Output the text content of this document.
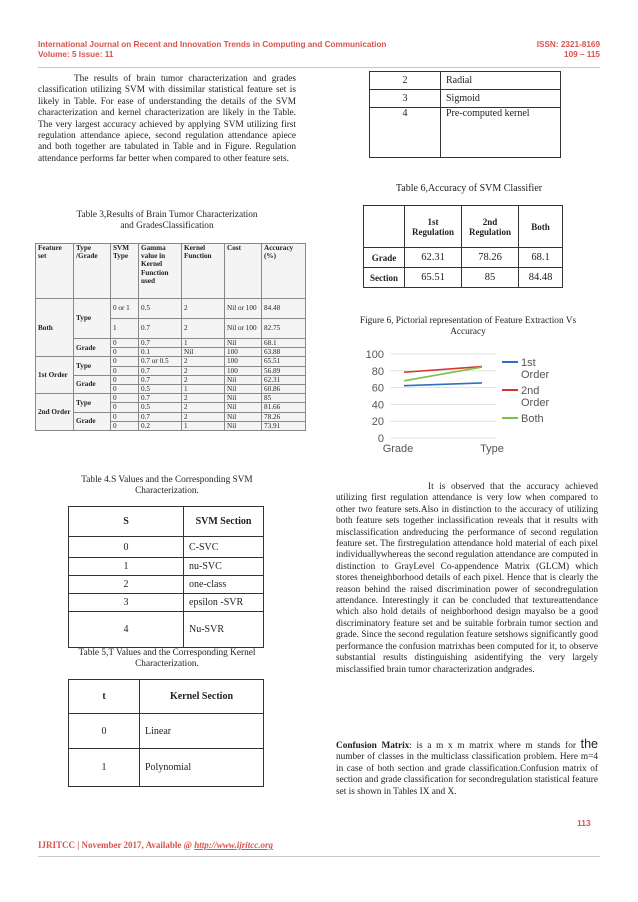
International Journal on Recent and Innovation Trends in Computing and Communication	ISSN: 2321-8169
Volume: 5 Issue: 11	109 – 115
The results of brain tumor characterization and grades classification utilizing SVM with dissimilar statistical feature set is likely in Table. For ease of understanding the details of the SVM characterization and kernel characterization are likely in the Table. The very largest accuracy achieved by applying SVM utilizing first regulation attendance apiece, second regulation attendance apiece and both together are tabulated in Table and in Figure. Regulation attendance performs far better when compared to other feature sets.
Table 3,Results of Brain Tumor Characterization
and GradesClassification
Feature set	Type /Grade	SVM Type	Gamma value in Kernel Function used	Kernel Function	Cost	Accuracy (%)
Both	Type	0 or 1	0.5	2	Nil or 100	84.48
		1	0.7	2	Nil or 100	82.75
	Grade	0	0.7	1	Nil	68.1
		0	0.1	Nil	100	63.88
1st Order	Type	0	0.7 or 0.5	2	100	65.51
		0	0.7	2	100	56.89
	Grade	0	0.7	2	Nil	62.31
		0	0.5	1	Nil	60.86
2nd Order	Type	0	0.7	2	Nil	85
		0	0.5	2	Nil	81.66
	Grade	0	0.7	2	Nil	78.26
		0	0.2	1	Nil	73.91
Table 4.S Values and the Corresponding SVM
Characterization.
S	SVM Section
0	C-SVC
1	nu-SVC
2	one-class
3	epsilon -SVR
4	Nu-SVR
Table 5,T Values and the Corresponding Kernel
Characterization.
t	Kernel Section
0	Linear
1	Polynomial
2	Radial
3	Sigmoid
4	Pre-computed kernel
Table 6,Accuracy of SVM Classifier
	1st Regulation	2nd Regulation	Both
Grade	62.31	78.26	68.1
Section	65.51	85	84.48
Figure 6, Pictorial representation of Feature Extraction Vs
Accuracy
0
20
40
60
80
100
Grade	Type
1st
Order
2nd
Order
Both
It is observed that the accuracy achieved utilizing first regulation attendance is very low when compared to other two feature sets.Also in distinction to the accuracy of utilizing both feature sets together inclassification reveals that it results with misclassification andreducing the performance of second regulation feature set. The firstregulation attendance hold material of each pixel individuallywhereas the second regulation attendance are computed in distinction to GrayLevel Co-appendence Matrix (GLCM) which stores theneighborhood details of each pixel. Hence that is clearly the reason behind the raised discrimination power of secondregulation attendance. Interestingly it can be concluded that textureattendance which also hold details of neighborhood design mayalso be a good discriminatory feature set and be suitable forbrain tumor section and grade. Since the second regulation feature setshows significantly good performance the confusion matrixhas been computed for it, to observe substantial results distinguishing asidentifying the very largely misclassified brain tumor characterization andgrades.
Confusion Matrix: is a m x m matrix where m stands for the number of classes in the multiclass classification problem. Here m=4 in case of both section and grade classification.Confusion matrix of section and grade classification for secondregulation statistical feature set is shown in Tables IX and X.
113
IJRITCC | November 2017, Available @ http://www.ijritcc.org
